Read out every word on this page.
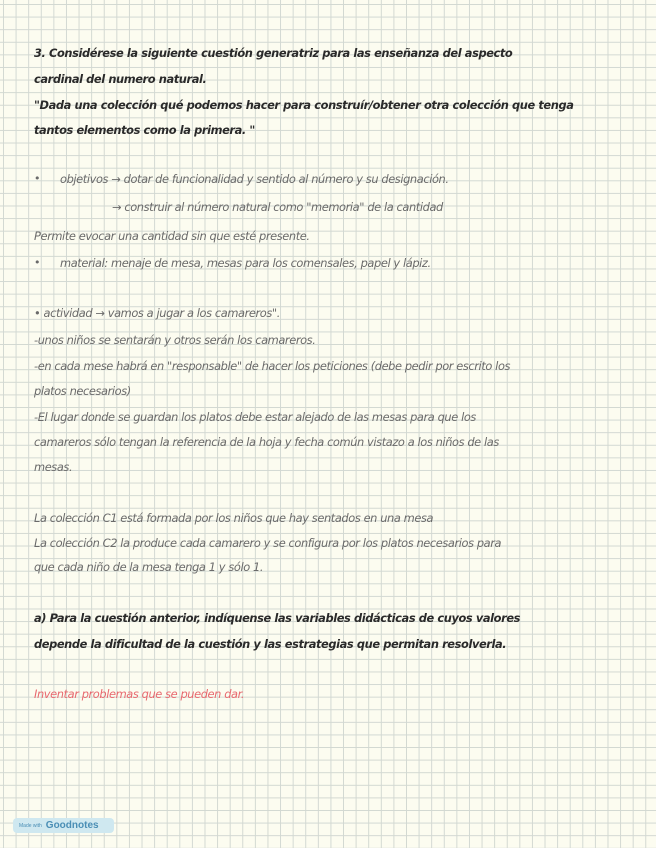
3. Considérese la siguiente cuestión generatriz para las enseñanza del aspecto
cardinal del numero natural.
"Dada una colección qué podemos hacer para construír/obtener otra colección que tenga
tantos elementos como la primera. "
• objetivos → dotar de funcionalidad y sentido al número y su designación.
→ construir al número natural como "memoria" de la cantidad
Permite evocar una cantidad sin que esté presente.
• material: menaje de mesa, mesas para los comensales, papel y lápiz.
• actividad → vamos a jugar a los camareros".
-unos niños se sentarán y otros serán los camareros.
-en cada mese habrá en "responsable" de hacer los peticiones (debe pedir por escrito los
platos necesarios)
-El lugar donde se guardan los platos debe estar alejado de las mesas para que los
camareros sólo tengan la referencia de la hoja y fecha común vistazo a los niños de las
mesas.
La colección C1 está formada por los niños que hay sentados en una mesa
La colección C2 la produce cada camarero y se configura por los platos necesarios para
que cada niño de la mesa tenga 1 y sólo 1.
a) Para la cuestión anterior, indíquense las variables didácticas de cuyos valores
depende la dificultad de la cuestión y las estrategias que permitan resolverla.
Inventar problemas que se pueden dar.
Made with Goodnotes
